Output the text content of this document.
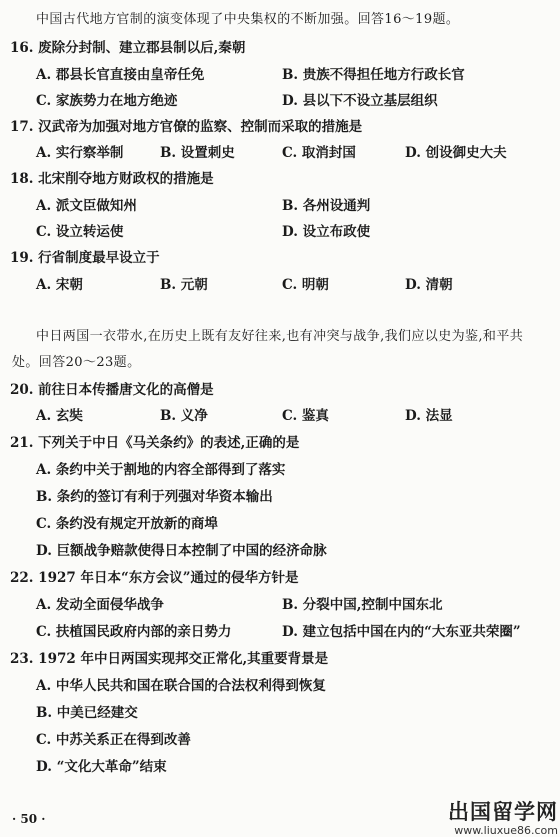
中国古代地方官制的演变体现了中央集权的不断加强。回答16～19题。
16. 废除分封制、建立郡县制以后,秦朝
A. 郡县长官直接由皇帝任免	B. 贵族不得担任地方行政长官
C. 家族势力在地方绝迹	D. 县以下不设立基层组织
17. 汉武帝为加强对地方官僚的监察、控制而采取的措施是
A. 实行察举制	B. 设置刺史	C. 取消封国	D. 创设御史大夫
18. 北宋削夺地方财政权的措施是
A. 派文臣做知州	B. 各州设通判
C. 设立转运使	D. 设立布政使
19. 行省制度最早设立于
A. 宋朝	B. 元朝	C. 明朝	D. 清朝
中日两国一衣带水,在历史上既有友好往来,也有冲突与战争,我们应以史为鉴,和平共
处。回答20～23题。
20. 前往日本传播唐文化的高僧是
A. 玄奘	B. 义净	C. 鉴真	D. 法显
21. 下列关于中日《马关条约》的表述,正确的是
A. 条约中关于割地的内容全部得到了落实
B. 条约的签订有利于列强对华资本输出
C. 条约没有规定开放新的商埠
D. 巨额战争赔款使得日本控制了中国的经济命脉
22. 1927 年日本“东方会议”通过的侵华方针是
A. 发动全面侵华战争	B. 分裂中国,控制中国东北
C. 扶植国民政府内部的亲日势力	D. 建立包括中国在内的“大东亚共荣圈”
23. 1972 年中日两国实现邦交正常化,其重要背景是
A. 中华人民共和国在联合国的合法权利得到恢复
B. 中美已经建交
C. 中苏关系正在得到改善
D. “文化大革命”结束
· 50 ·	出国留学网
www.liuxue86.com
